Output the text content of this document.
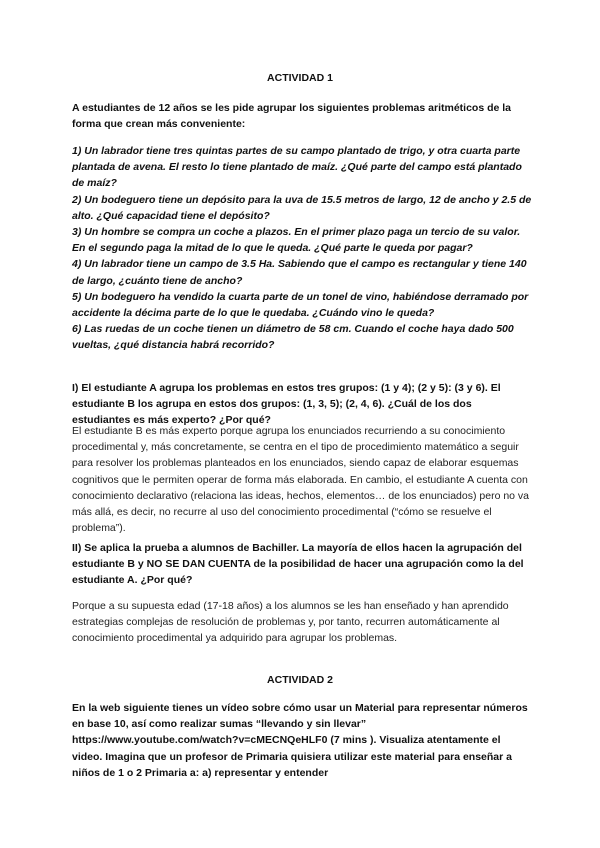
ACTIVIDAD 1

A estudiantes de 12 años se les pide agrupar los siguientes problemas aritméticos de la forma que crean más conveniente:

1) Un labrador tiene tres quintas partes de su campo plantado de trigo, y otra cuarta parte plantada de avena. El resto lo tiene plantado de maíz. ¿Qué parte del campo está plantado de maíz?

2) Un bodeguero tiene un depósito para la uva de 15.5 metros de largo, 12 de ancho y 2.5 de alto. ¿Qué capacidad tiene el depósito?

3) Un hombre se compra un coche a plazos. En el primer plazo paga un tercio de su valor. En el segundo paga la mitad de lo que le queda. ¿Qué parte le queda por pagar?

4) Un labrador tiene un campo de 3.5 Ha. Sabiendo que el campo es rectangular y tiene 140 de largo, ¿cuánto tiene de ancho?

5) Un bodeguero ha vendido la cuarta parte de un tonel de vino, habiéndose derramado por accidente la décima parte de lo que le quedaba. ¿Cuándo vino le queda?

6) Las ruedas de un coche tienen un diámetro de 58 cm. Cuando el coche haya dado 500 vueltas, ¿qué distancia habrá recorrido?

I) El estudiante A agrupa los problemas en estos tres grupos: (1 y 4); (2 y 5): (3 y 6). El estudiante B los agrupa en estos dos grupos: (1, 3, 5); (2, 4, 6). ¿Cuál de los dos estudiantes es más experto? ¿Por qué?

El estudiante B es más experto porque agrupa los enunciados recurriendo a su conocimiento procedimental y, más concretamente, se centra en el tipo de procedimiento matemático a seguir para resolver los problemas planteados en los enunciados, siendo capaz de elaborar esquemas cognitivos que le permiten operar de forma más elaborada. En cambio, el estudiante A cuenta con conocimiento declarativo (relaciona las ideas, hechos, elementos… de los enunciados) pero no va más allá, es decir, no recurre al uso del conocimiento procedimental (“cómo se resuelve el problema”).

II) Se aplica la prueba a alumnos de Bachiller. La mayoría de ellos hacen la agrupación del estudiante B y NO SE DAN CUENTA de la posibilidad de hacer una agrupación como la del estudiante A. ¿Por qué?

Porque a su supuesta edad (17-18 años) a los alumnos se les han enseñado y han aprendido estrategias complejas de resolución de problemas y, por tanto, recurren automáticamente al conocimiento procedimental ya adquirido para agrupar los problemas.

ACTIVIDAD 2

En la web siguiente tienes un vídeo sobre cómo usar un Material para representar números en base 10, así como realizar sumas “llevando y sin llevar” https://www.youtube.com/watch?v=cMECNQeHLF0 (7 mins ). Visualiza atentamente el video. Imagina que un profesor de Primaria quisiera utilizar este material para enseñar a niños de 1 o 2 Primaria a: a) representar y entender
